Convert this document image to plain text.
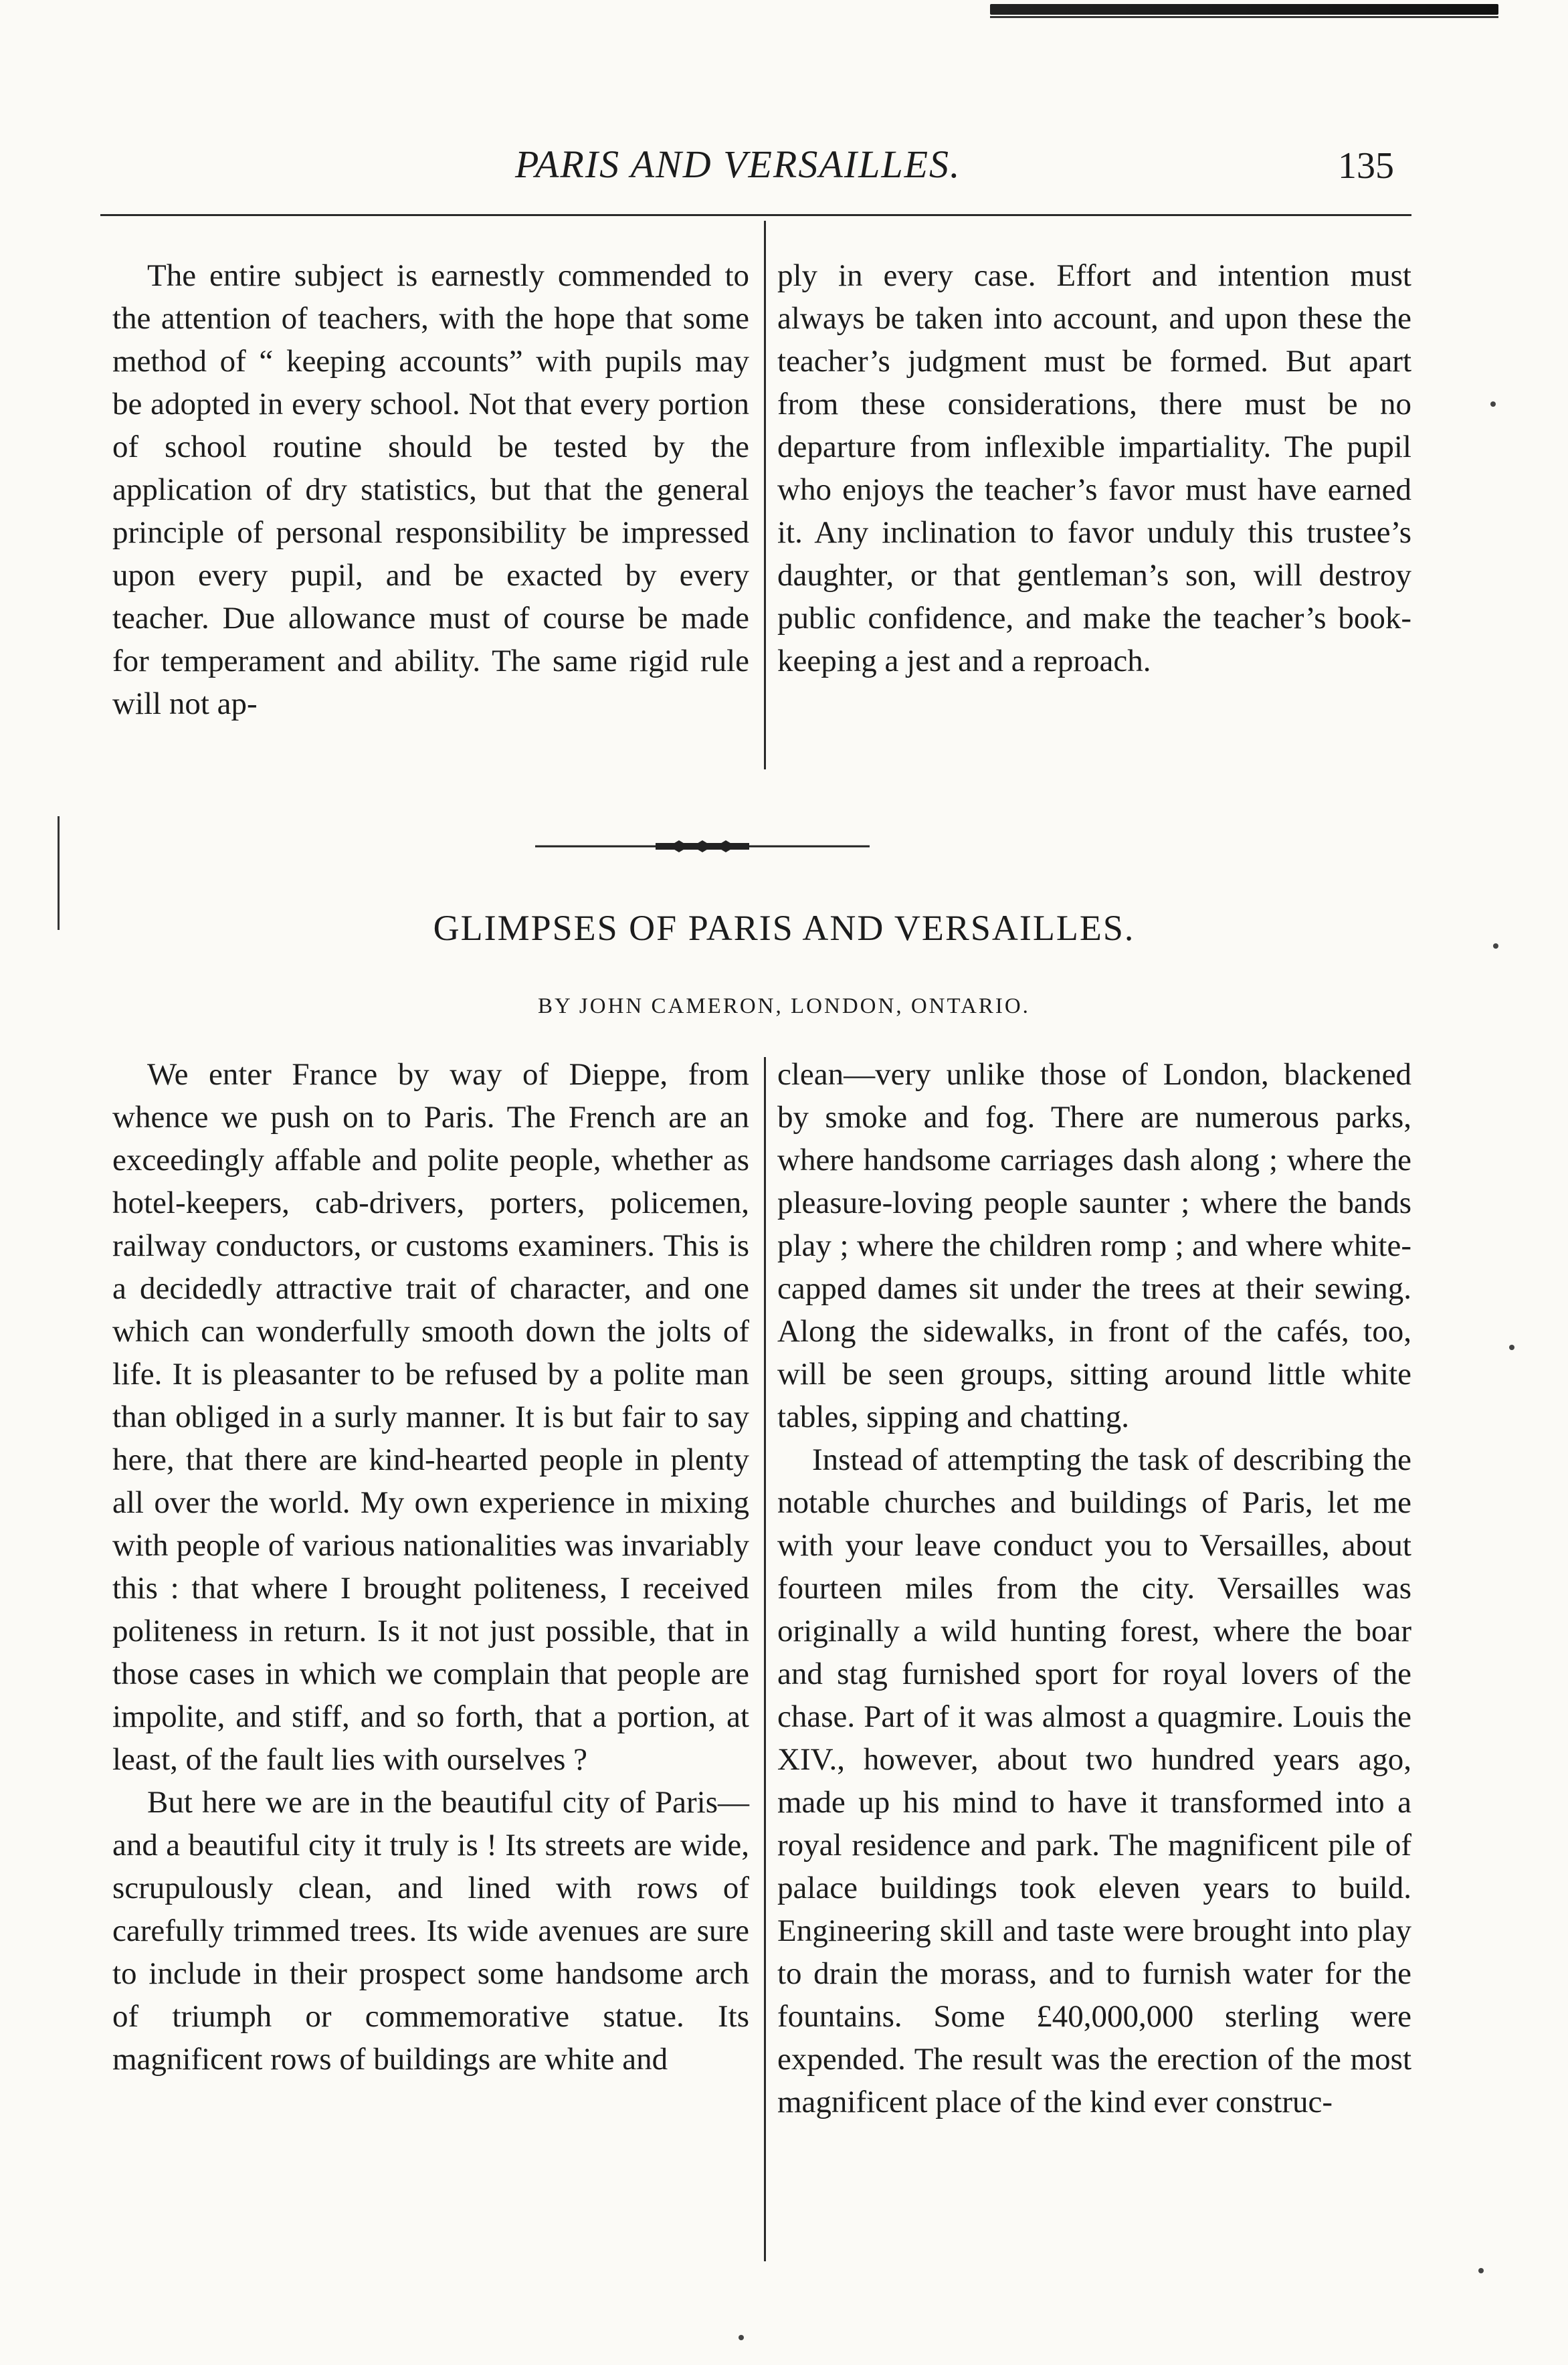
PARIS AND VERSAILLES.	135

The entire subject is earnestly commended to the attention of teachers, with the hope that some method of “ keeping accounts” with pupils may be adopted in every school. Not that every portion of school routine should be tested by the application of dry statistics, but that the general principle of personal responsibility be impressed upon every pupil, and be exacted by every teacher. Due allowance must of course be made for temperament and ability. The same rigid rule will not ap-

ply in every case. Effort and intention must always be taken into account, and upon these the teacher’s judgment must be formed. But apart from these considerations, there must be no departure from inflexible impartiality. The pupil who enjoys the teacher’s favor must have earned it. Any inclination to favor unduly this trustee’s daughter, or that gentleman’s son, will destroy public confidence, and make the teacher’s book-keeping a jest and a reproach.

GLIMPSES OF PARIS AND VERSAILLES.
BY JOHN CAMERON, LONDON, ONTARIO.

We enter France by way of Dieppe, from whence we push on to Paris. The French are an exceedingly affable and polite people, whether as hotel-keepers, cab-drivers, porters, policemen, railway conductors, or customs examiners. This is a decidedly attractive trait of character, and one which can wonderfully smooth down the jolts of life. It is pleasanter to be refused by a polite man than obliged in a surly manner. It is but fair to say here, that there are kind-hearted people in plenty all over the world. My own experience in mixing with people of various nationalities was invariably this : that where I brought politeness, I received politeness in return. Is it not just possible, that in those cases in which we complain that people are impolite, and stiff, and so forth, that a portion, at least, of the fault lies with ourselves ?

But here we are in the beautiful city of Paris—and a beautiful city it truly is ! Its streets are wide, scrupulously clean, and lined with rows of carefully trimmed trees. Its wide avenues are sure to include in their prospect some handsome arch of triumph or commemorative statue. Its magnificent rows of buildings are white and

clean—very unlike those of London, blackened by smoke and fog. There are numerous parks, where handsome carriages dash along ; where the pleasure-loving people saunter ; where the bands play ; where the children romp ; and where white-capped dames sit under the trees at their sewing. Along the sidewalks, in front of the cafés, too, will be seen groups, sitting around little white tables, sipping and chatting.

Instead of attempting the task of describing the notable churches and buildings of Paris, let me with your leave conduct you to Versailles, about fourteen miles from the city. Versailles was originally a wild hunting forest, where the boar and stag furnished sport for royal lovers of the chase. Part of it was almost a quagmire. Louis the XIV., however, about two hundred years ago, made up his mind to have it transformed into a royal residence and park. The magnificent pile of palace buildings took eleven years to build. Engineering skill and taste were brought into play to drain the morass, and to furnish water for the fountains. Some £40,000,000 sterling were expended. The result was the erection of the most magnificent place of the kind ever construc-
